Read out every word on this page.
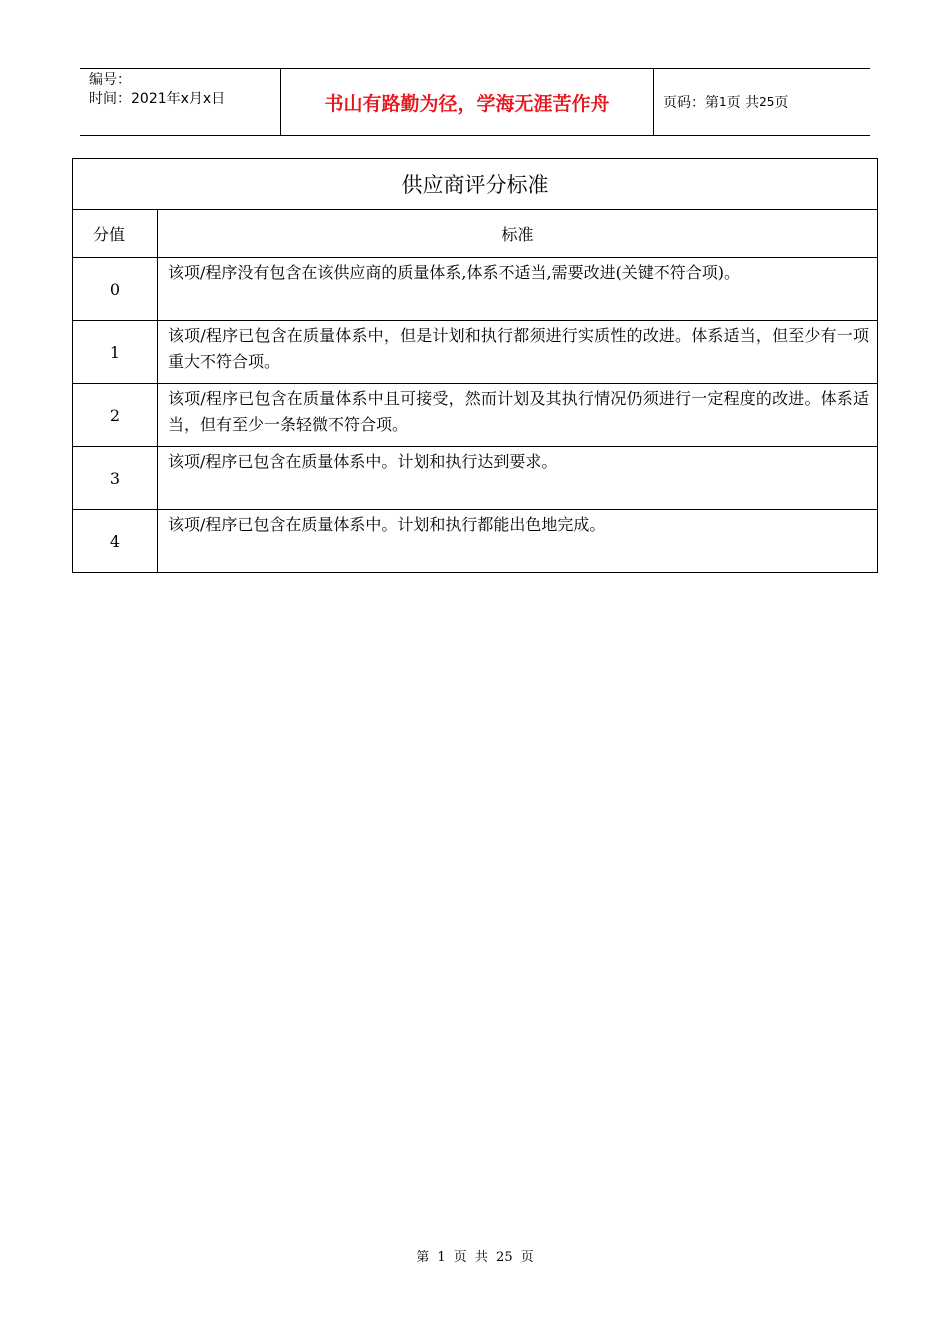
编号：
时间：2021年x月x日	书山有路勤为径，学海无涯苦作舟	页码：第 1 页 共 25 页
供应商评分标准	
分值	标准
0	该项/程序没有包含在该供应商的质量体系,体系不适当,需要改进(关键不符合项)。
1	该项/程序已包含在质量体系中，但是计划和执行都须进行实质性的改进。体系适当，但至少有一项重大不符合项。
2	该项/程序已包含在质量体系中且可接受，然而计划及其执行情况仍须进行一定程度的改进。体系适当，但有至少一条轻微不符合项。
3	该项/程序已包含在质量体系中。计划和执行达到要求。
4	该项/程序已包含在质量体系中。计划和执行都能出色地完成。
第 1 页 共 25 页
